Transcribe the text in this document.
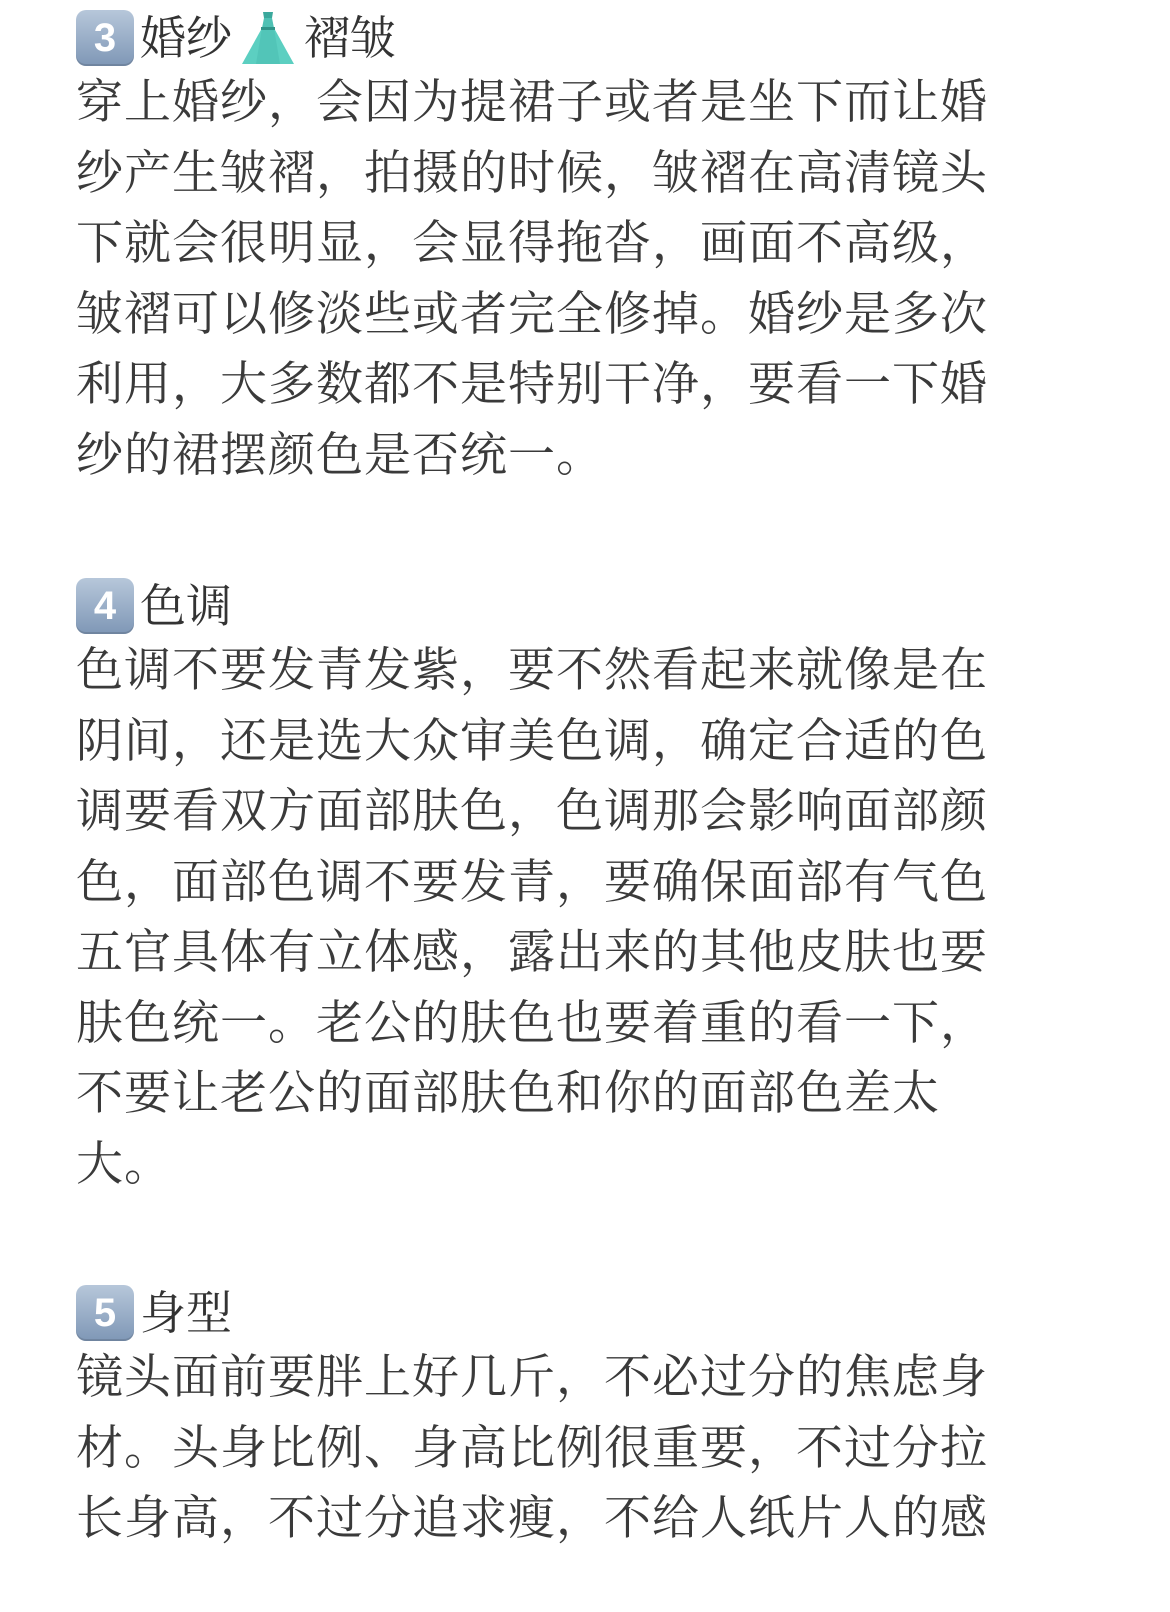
3 婚纱 褶皱
穿上婚纱，会因为提裙子或者是坐下而让婚
纱产生皱褶，拍摄的时候，皱褶在高清镜头
下就会很明显，会显得拖沓，画面不高级，
皱褶可以修淡些或者完全修掉。婚纱是多次
利用，大多数都不是特别干净，要看一下婚
纱的裙摆颜色是否统一。
4 色调
色调不要发青发紫，要不然看起来就像是在
阴间，还是选大众审美色调，确定合适的色
调要看双方面部肤色，色调那会影响面部颜
色，面部色调不要发青，要确保面部有气色
五官具体有立体感，露出来的其他皮肤也要
肤色统一。老公的肤色也要着重的看一下，
不要让老公的面部肤色和你的面部色差太
大。
5 身型
镜头面前要胖上好几斤，不必过分的焦虑身
材。头身比例、身高比例很重要，不过分拉
长身高，不过分追求瘦，不给人纸片人的感
